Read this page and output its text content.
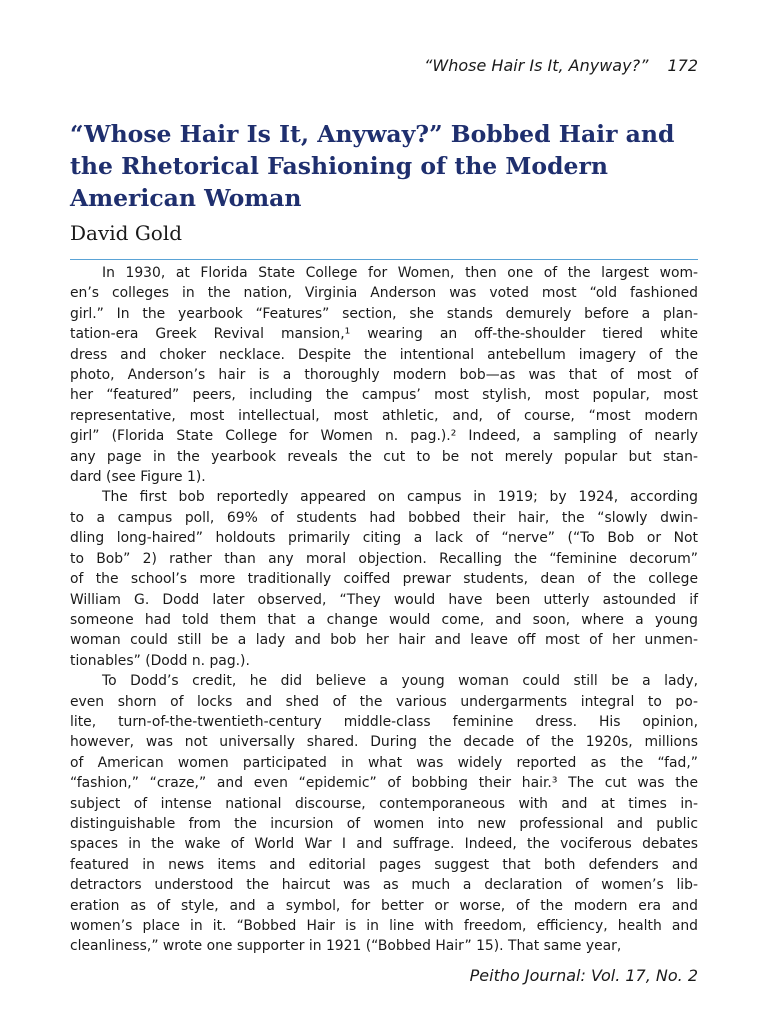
“Whose Hair Is It, Anyway?” 172
“Whose Hair Is It, Anyway?” Bobbed Hair and the Rhetorical Fashioning of the Modern American Woman
David Gold

In 1930, at Florida State College for Women, then one of the largest wom-
en’s colleges in the nation, Virginia Anderson was voted most “old fashioned
girl.” In the yearbook “Features” section, she stands demurely before a plan-
tation-era Greek Revival mansion,¹ wearing an off-the-shoulder tiered white
dress and choker necklace. Despite the intentional antebellum imagery of the
photo, Anderson’s hair is a thoroughly modern bob—as was that of most of
her “featured” peers, including the campus’ most stylish, most popular, most
representative, most intellectual, most athletic, and, of course, “most modern
girl” (Florida State College for Women n. pag.).² Indeed, a sampling of nearly
any page in the yearbook reveals the cut to be not merely popular but stan-
dard (see Figure 1).

The first bob reportedly appeared on campus in 1919; by 1924, according
to a campus poll, 69% of students had bobbed their hair, the “slowly dwin-
dling long-haired” holdouts primarily citing a lack of “nerve” (“To Bob or Not
to Bob” 2) rather than any moral objection. Recalling the “feminine decorum”
of the school’s more traditionally coiffed prewar students, dean of the college
William G. Dodd later observed, “They would have been utterly astounded if
someone had told them that a change would come, and soon, where a young
woman could still be a lady and bob her hair and leave off most of her unmen-
tionables” (Dodd n. pag.).

To Dodd’s credit, he did believe a young woman could still be a lady,
even shorn of locks and shed of the various undergarments integral to po-
lite, turn-of-the-twentieth-century middle-class feminine dress. His opinion,
however, was not universally shared. During the decade of the 1920s, millions
of American women participated in what was widely reported as the “fad,”
“fashion,” “craze,” and even “epidemic” of bobbing their hair.³ The cut was the
subject of intense national discourse, contemporaneous with and at times in-
distinguishable from the incursion of women into new professional and public
spaces in the wake of World War I and suffrage. Indeed, the vociferous debates
featured in news items and editorial pages suggest that both defenders and
detractors understood the haircut was as much a declaration of women’s lib-
eration as of style, and a symbol, for better or worse, of the modern era and
women’s place in it. “Bobbed Hair is in line with freedom, efficiency, health and
cleanliness,” wrote one supporter in 1921 (“Bobbed Hair” 15). That same year,

Peitho Journal: Vol. 17, No. 2
